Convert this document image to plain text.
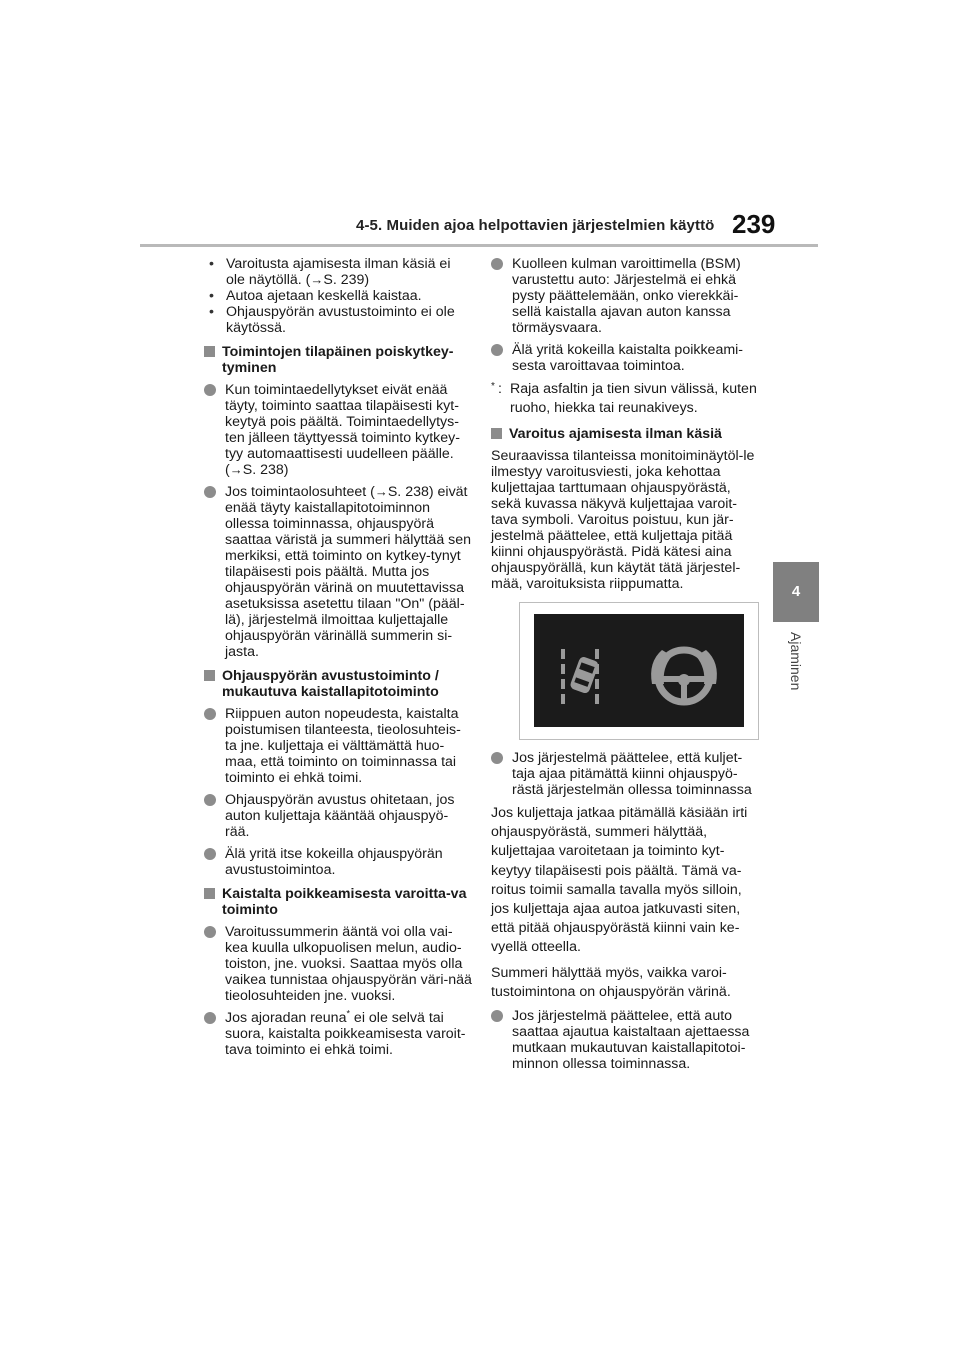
4-5. Muiden ajoa helpottavien järjestelmien käyttö 239
4
Ajaminen
• Varoitusta ajamisesta ilman käsiä ei ole näytöllä. (→S. 239)
• Autoa ajetaan keskellä kaistaa.
• Ohjauspyörän avustustoiminto ei ole käytössä.
Toimintojen tilapäinen poiskytkey-tyminen
Kun toimintaedellytykset eivät enää täyty, toiminto saattaa tilapäisesti kyt-keytyä pois päältä. Toimintaedellytys-ten jälleen täyttyessä toiminto kytkey-tyy automaattisesti uudelleen päälle. (→S. 238)
Jos toimintaolosuhteet (→S. 238) eivät enää täyty kaistallapitotoiminnon ollessa toiminnassa, ohjauspyörä saattaa väristä ja summeri hälyttää sen merkiksi, että toiminto on kytkey-tynyt tilapäisesti pois päältä. Mutta jos ohjauspyörän värinä on muutettavissa asetuksissa asetettu tilaan "On" (pääl-lä), järjestelmä ilmoittaa kuljettajalle ohjauspyörän värinällä summerin si-jasta.
Ohjauspyörän avustustoiminto / mukautuva kaistallapitotoiminto
Riippuen auton nopeudesta, kaistalta poistumisen tilanteesta, tieolosuhteis-ta jne. kuljettaja ei välttämättä huo-maa, että toiminto on toiminnassa tai toiminto ei ehkä toimi.
Ohjauspyörän avustus ohitetaan, jos auton kuljettaja kääntää ohjauspyö-rää.
Älä yritä itse kokeilla ohjauspyörän avustustoimintoa.
Kaistalta poikkeamisesta varoitta-va toiminto
Varoitussummerin ääntä voi olla vai-kea kuulla ulkopuolisen melun, audio-toiston, jne. vuoksi. Saattaa myös olla vaikea tunnistaa ohjauspyörän väri-nää tieolosuhteiden jne. vuoksi.
Jos ajoradan reuna* ei ole selvä tai suora, kaistalta poikkeamisesta varoit-tava toiminto ei ehkä toimi.
Kuolleen kulman varoittimella (BSM) varustettu auto: Järjestelmä ei ehkä pysty päättelemään, onko vierekkäi-sellä kaistalla ajavan auton kanssa törmäysvaara.
Älä yritä kokeilla kaistalta poikkeami-sesta varoittavaa toimintoa.
* : Raja asfaltin ja tien sivun välissä, kuten ruoho, hiekka tai reunakiveys.
Varoitus ajamisesta ilman käsiä
Seuraavissa tilanteissa monitoiminäytöl-le ilmestyy varoitusviesti, joka kehottaa kuljettajaa tarttumaan ohjauspyörästä, sekä kuvassa näkyvä kuljettajaa varoit-tava symboli. Varoitus poistuu, kun jär-jestelmä päättelee, että kuljettaja pitää kiinni ohjauspyörästä. Pidä kätesi aina ohjauspyörällä, kun käytät tätä järjestel-mää, varoituksista riippumatta.
Jos järjestelmä päättelee, että kuljet-taja ajaa pitämättä kiinni ohjauspyö-rästä järjestelmän ollessa toiminnassa
Jos kuljettaja jatkaa pitämällä käsiään irti ohjauspyörästä, summeri hälyttää, kuljettajaa varoitetaan ja toiminto kyt-keytyy tilapäisesti pois päältä. Tämä va-roitus toimii samalla tavalla myös silloin, jos kuljettaja ajaa autoa jatkuvasti siten, että pitää ohjauspyörästä kiinni vain ke-vyellä otteella.
Summeri hälyttää myös, vaikka varoi-tustoimintona on ohjauspyörän värinä.
Jos järjestelmä päättelee, että auto saattaa ajautua kaistaltaan ajettaessa mutkaan mukautuvan kaistallapitotoi-minnon ollessa toiminnassa.
